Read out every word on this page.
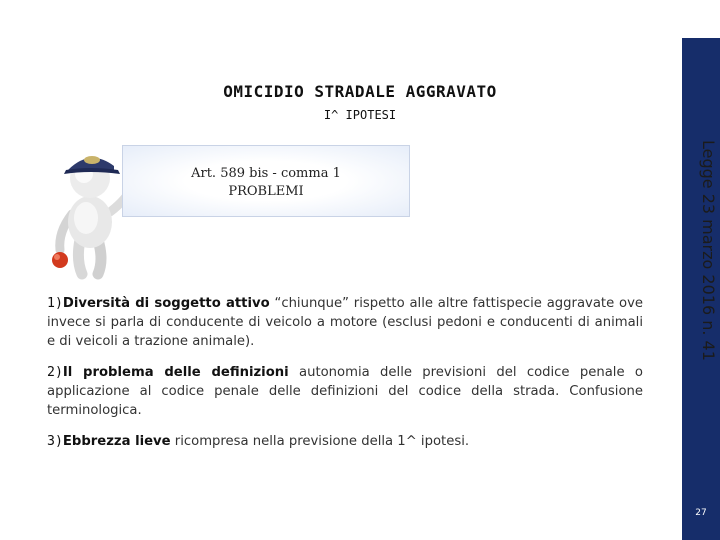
OMICIDIO STRADALE AGGRAVATO
I^ IPOTESI
Art. 589 bis - comma 1
PROBLEMI
1)Diversità di soggetto attivo “chiunque” rispetto alle altre fattispecie aggravate ove invece si parla di conducente di veicolo a motore (esclusi pedoni e conducenti di animali e di veicoli a trazione animale).
2)Il problema delle definizioni autonomia delle previsioni del codice penale o applicazione al codice penale delle definizioni del codice della strada. Confusione terminologica.
3)Ebbrezza lieve ricompresa nella previsione della 1^ ipotesi.
Legge 23 marzo 2016 n. 41
27
